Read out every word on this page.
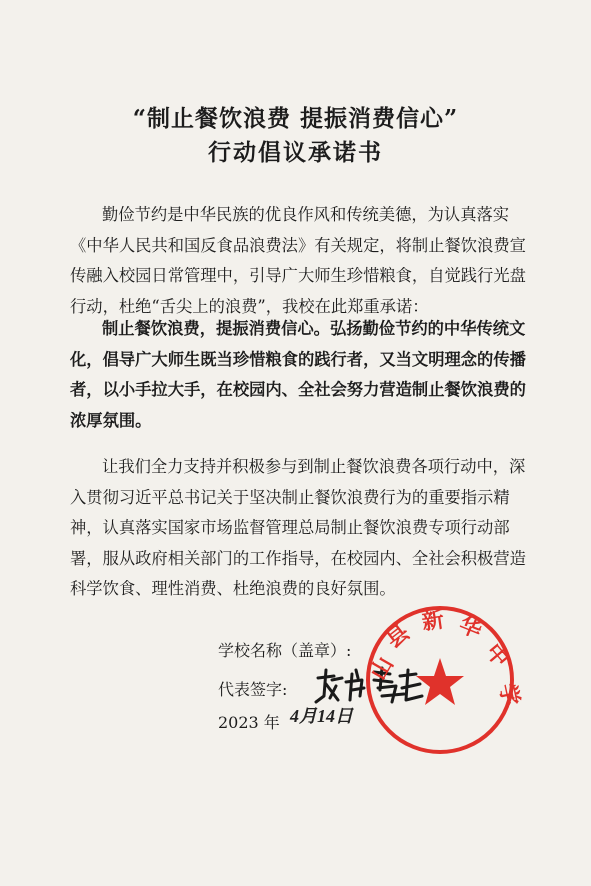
“制止餐饮浪费 提振消费信心”
行动倡议承诺书
勤俭节约是中华民族的优良作风和传统美德，为认真落实
《中华人民共和国反食品浪费法》有关规定，将制止餐饮浪费宣
传融入校园日常管理中，引导广大师生珍惜粮食，自觉践行光盘
行动，杜绝“舌尖上的浪费”，我校在此郑重承诺：
制止餐饮浪费，提振消费信心。弘扬勤俭节约的中华传统文
化，倡导广大师生既当珍惜粮食的践行者，又当文明理念的传播
者，以小手拉大手，在校园内、全社会努力营造制止餐饮浪费的
浓厚氛围。
让我们全力支持并积极参与到制止餐饮浪费各项行动中，深
入贯彻习近平总书记关于坚决制止餐饮浪费行为的重要指示精
神，认真落实国家市场监督管理总局制止餐饮浪费专项行动部
署，服从政府相关部门的工作指导，在校园内、全社会积极营造
科学饮食、理性消费、杜绝浪费的良好氛围。
学校名称（盖章）:
代表签字:
2023 年 4月14日
山
县 新 华
中
学
